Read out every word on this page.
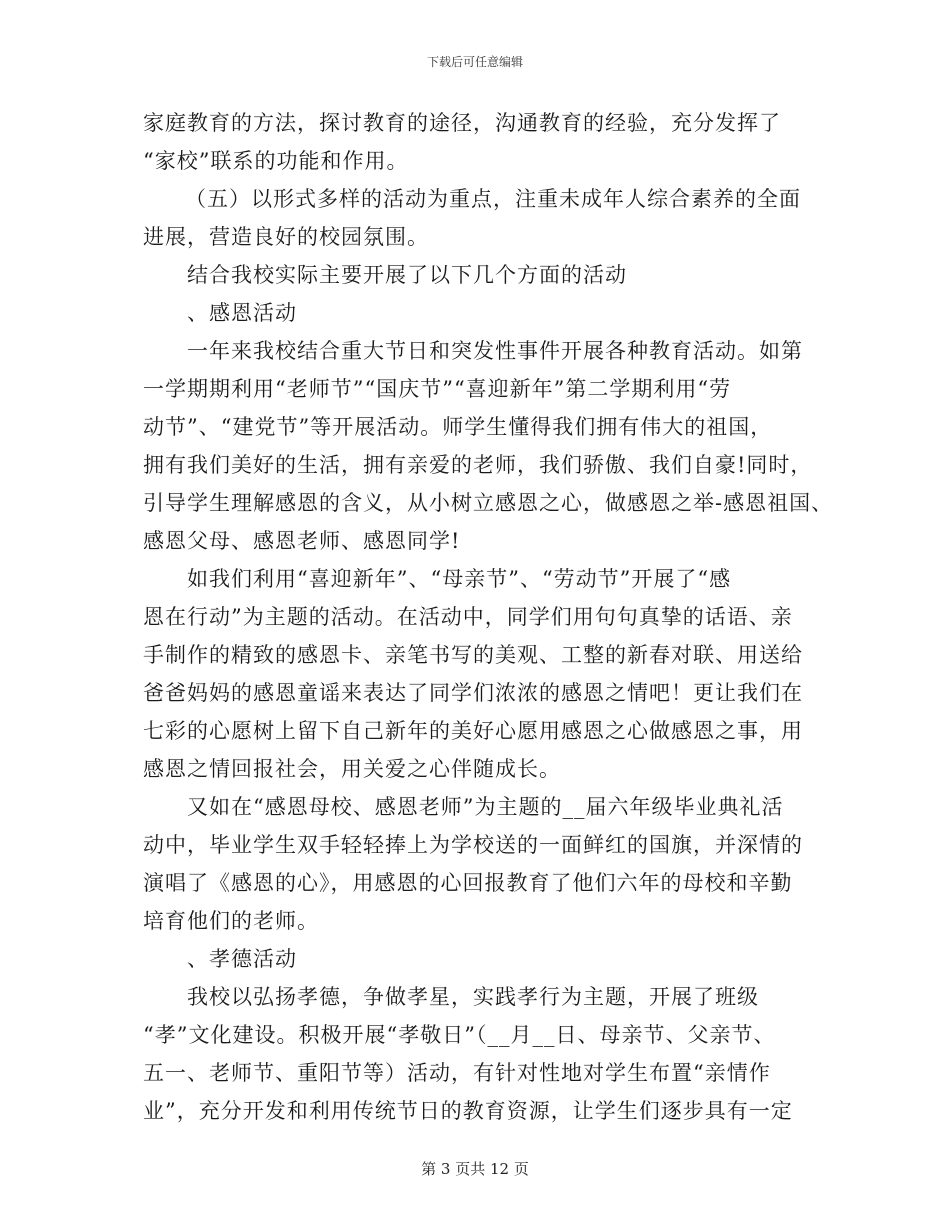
下载后可任意编辑
家庭教育的方法，探讨教育的途径，沟通教育的经验，充分发挥了
“家校”联系的功能和作用。
（五）以形式多样的活动为重点，注重未成年人综合素养的全面
进展，营造良好的校园氛围。
结合我校实际主要开展了以下几个方面的活动
、感恩活动
一年来我校结合重大节日和突发性事件开展各种教育活动。如第
一学期期利用“老师节”“国庆节”“喜迎新年”第二学期利用“劳
动节”、“建党节”等开展活动。师学生懂得我们拥有伟大的祖国，
拥有我们美好的生活，拥有亲爱的老师，我们骄傲、我们自豪!同时，
引导学生理解感恩的含义，从小树立感恩之心，做感恩之举-感恩祖国、
感恩父母、感恩老师、感恩同学!
如我们利用“喜迎新年”、“母亲节”、“劳动节”开展了“感
恩在行动”为主题的活动。在活动中，同学们用句句真挚的话语、亲
手制作的精致的感恩卡、亲笔书写的美观、工整的新春对联、用送给
爸爸妈妈的感恩童谣来表达了同学们浓浓的感恩之情吧！更让我们在
七彩的心愿树上留下自己新年的美好心愿用感恩之心做感恩之事，用
感恩之情回报社会，用关爱之心伴随成长。
又如在“感恩母校、感恩老师”为主题的__届六年级毕业典礼活
动中，毕业学生双手轻轻捧上为学校送的一面鲜红的国旗，并深情的
演唱了《感恩的心》，用感恩的心回报教育了他们六年的母校和辛勤
培育他们的老师。
、孝德活动
我校以弘扬孝德，争做孝星，实践孝行为主题，开展了班级
“孝”文化建设。积极开展“孝敬日”（__月__日、母亲节、父亲节、
五一、老师节、重阳节等）活动，有针对性地对学生布置“亲情作
业”，充分开发和利用传统节日的教育资源，让学生们逐步具有一定
第 3 页共 12 页
